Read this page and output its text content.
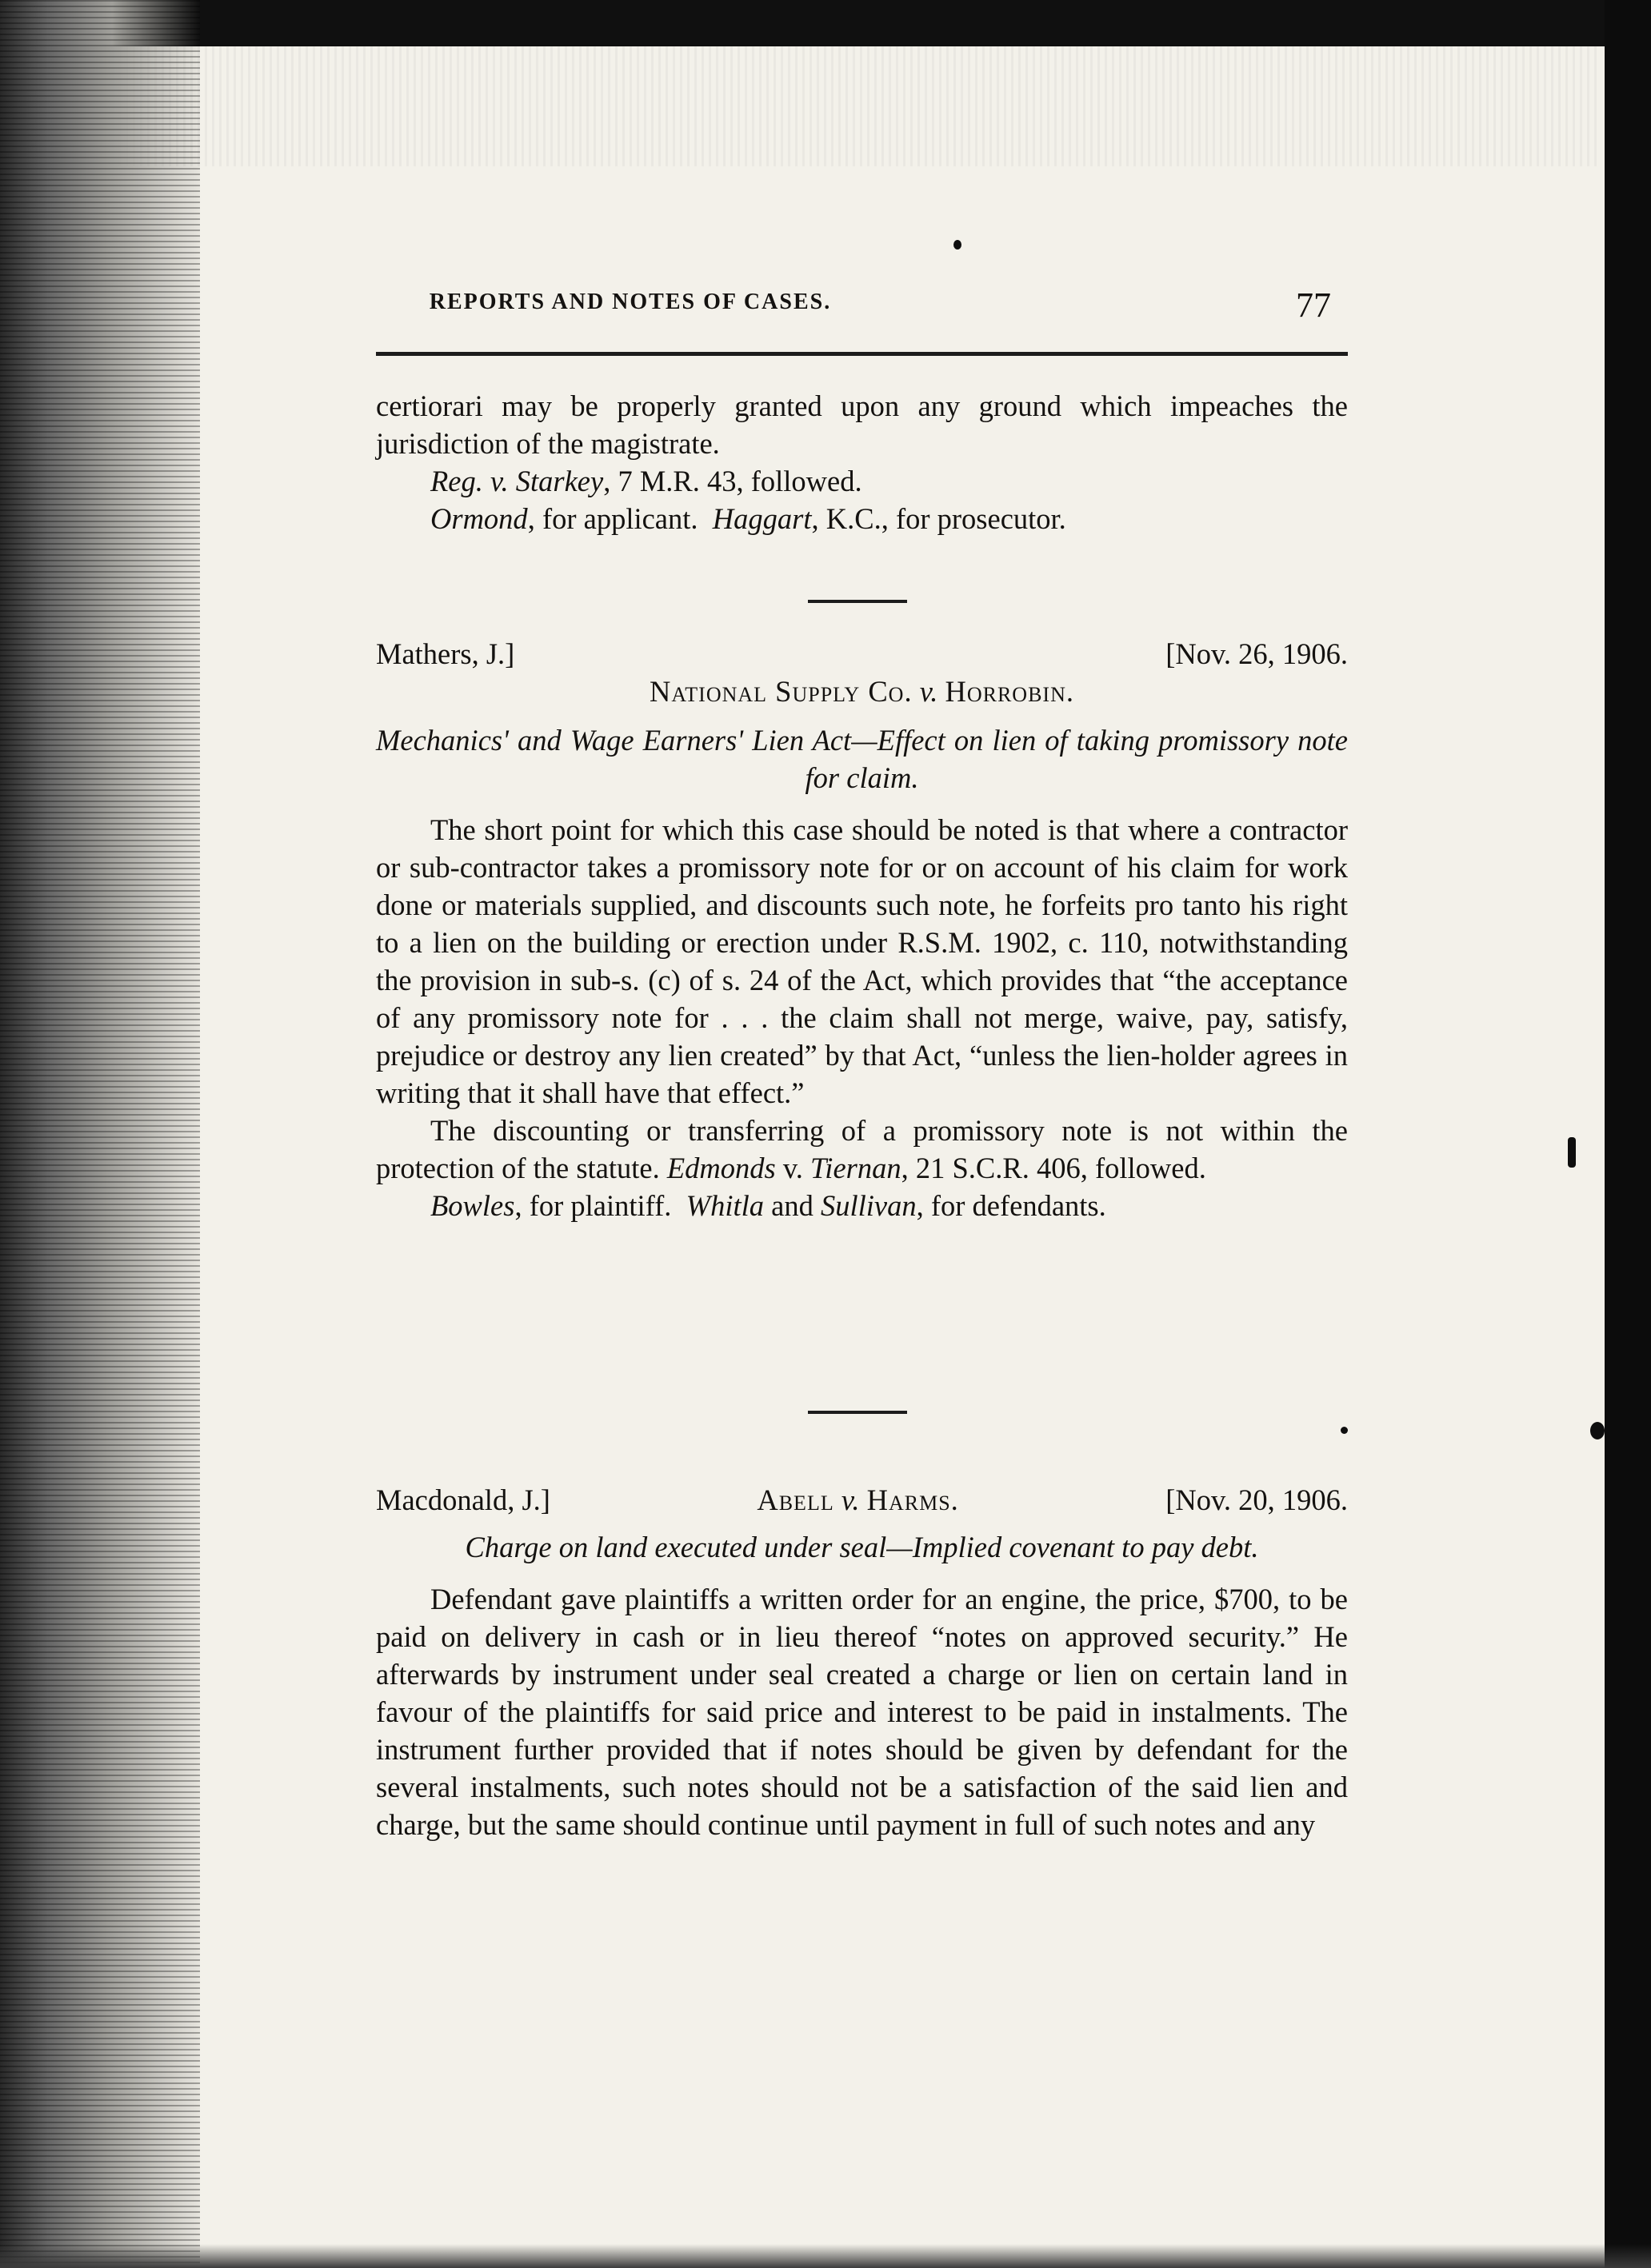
REPORTS AND NOTES OF CASES.	77

certiorari may be properly granted upon any ground which impeaches the jurisdiction of the magistrate.

Reg. v. Starkey, 7 M.R. 43, followed.

Ormond, for applicant. Haggart, K.C., for prosecutor.

Mathers, J.]	[Nov. 26, 1906.

National Supply Co. v. Horrobin.

Mechanics' and Wage Earners' Lien Act—Effect on lien of taking promissory note for claim.

The short point for which this case should be noted is that where a contractor or sub-contractor takes a promissory note for or on account of his claim for work done or materials supplied, and discounts such note, he forfeits pro tanto his right to a lien on the building or erection under R.S.M. 1902, c. 110, notwithstanding the provision in sub-s. (c) of s. 24 of the Act, which provides that “the acceptance of any promissory note for . . . the claim shall not merge, waive, pay, satisfy, prejudice or destroy any lien created” by that Act, “unless the lien-holder agrees in writing that it shall have that effect.”

The discounting or transferring of a promissory note is not within the protection of the statute. Edmonds v. Tiernan, 21 S.C.R. 406, followed.

Bowles, for plaintiff. Whitla and Sullivan, for defendants.

Macdonald, J.]	Abell v. Harms.	[Nov. 20, 1906.

Charge on land executed under seal—Implied covenant to pay debt.

Defendant gave plaintiffs a written order for an engine, the price, $700, to be paid on delivery in cash or in lieu thereof “notes on approved security.” He afterwards by instrument under seal created a charge or lien on certain land in favour of the plaintiffs for said price and interest to be paid in instalments. The instrument further provided that if notes should be given by defendant for the several instalments, such notes should not be a satisfaction of the said lien and charge, but the same should continue until payment in full of such notes and any
